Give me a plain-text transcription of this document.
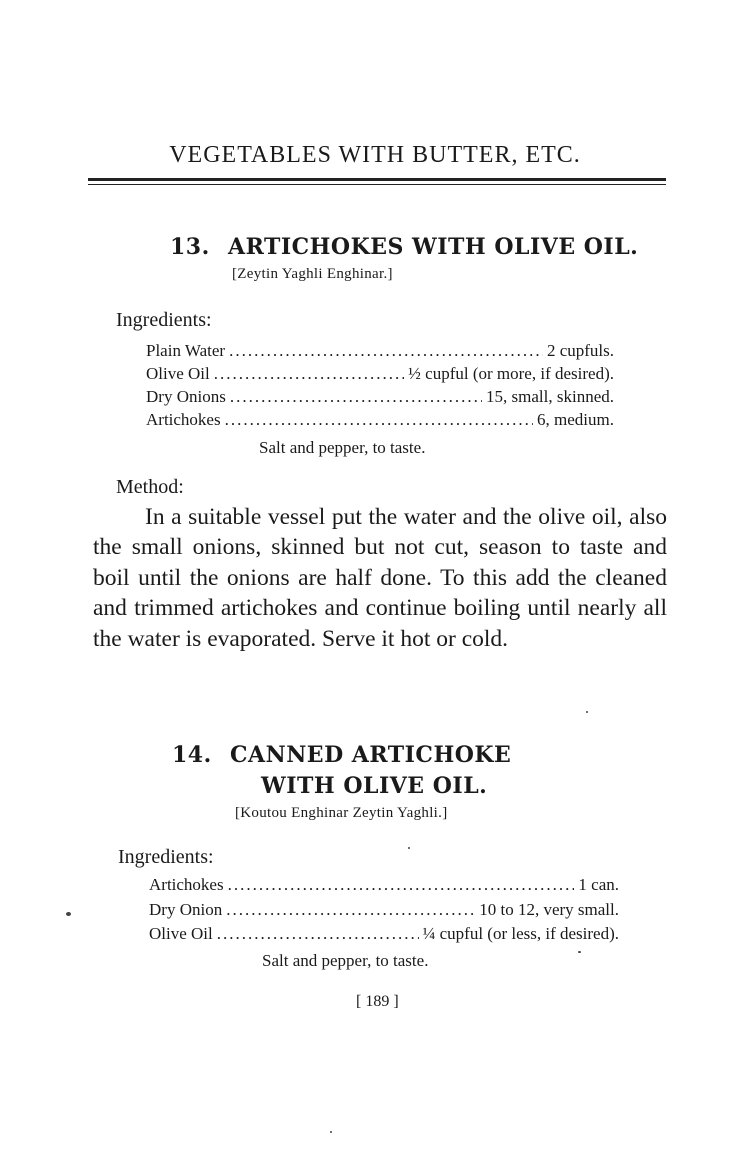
VEGETABLES WITH BUTTER, ETC.
13. ARTICHOKES WITH OLIVE OIL.
[Zeytin Yaghli Enghinar.]
Ingredients:
Plain Water .....	2 cupfuls.
Olive Oil .....	½ cupful (or more, if desired).
Dry Onions .....	15, small, skinned.
Artichokes .....	6, medium.
Salt and pepper, to taste.
Method:
In a suitable vessel put the water and the olive oil, also the small onions, skinned but not cut, season to taste and boil until the onions are half done. To this add the cleaned and trimmed artichokes and continue boiling until nearly all the water is evaporated. Serve it hot or cold.
14. CANNED ARTICHOKE
WITH OLIVE OIL.
[Koutou Enghinar Zeytin Yaghli.]
Ingredients:
Artichokes .....	1 can.
Dry Onion .....	10 to 12, very small.
Olive Oil .....	¼ cupful (or less, if desired).
Salt and pepper, to taste.
[ 189 ]
